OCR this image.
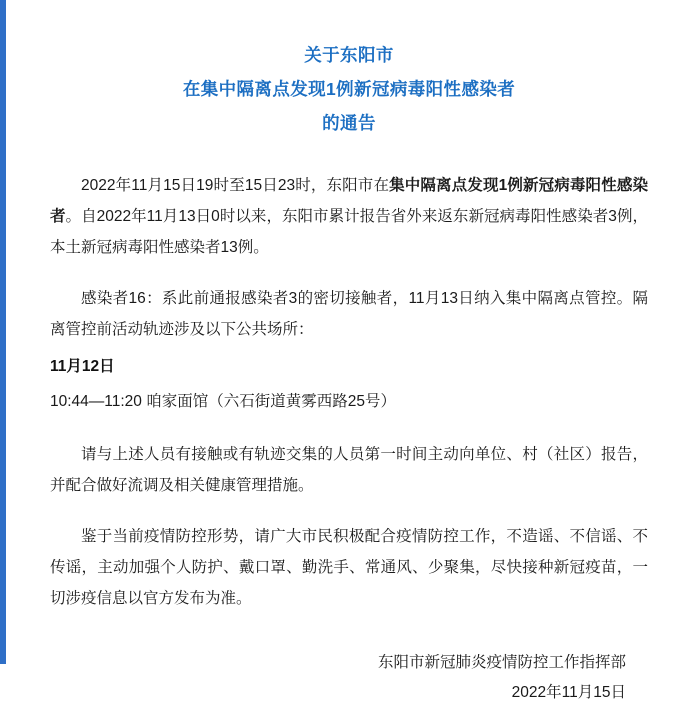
关于东阳市
在集中隔离点发现1例新冠病毒阳性感染者
的通告

2022年11月15日19时至15日23时，东阳市在集中隔离点发现1例新冠病毒阳性感染者。自2022年11月13日0时以来，东阳市累计报告省外来返东新冠病毒阳性感染者3例，本土新冠病毒阳性感染者13例。

感染者16：系此前通报感染者3的密切接触者，11月13日纳入集中隔离点管控。隔离管控前活动轨迹涉及以下公共场所：

11月12日

10:44—11:20 咱家面馆（六石街道黄雾西路25号）

请与上述人员有接触或有轨迹交集的人员第一时间主动向单位、村（社区）报告，并配合做好流调及相关健康管理措施。

鉴于当前疫情防控形势，请广大市民积极配合疫情防控工作，不造谣、不信谣、不传谣，主动加强个人防护、戴口罩、勤洗手、常通风、少聚集，尽快接种新冠疫苗，一切涉疫信息以官方发布为准。

东阳市新冠肺炎疫情防控工作指挥部
2022年11月15日
